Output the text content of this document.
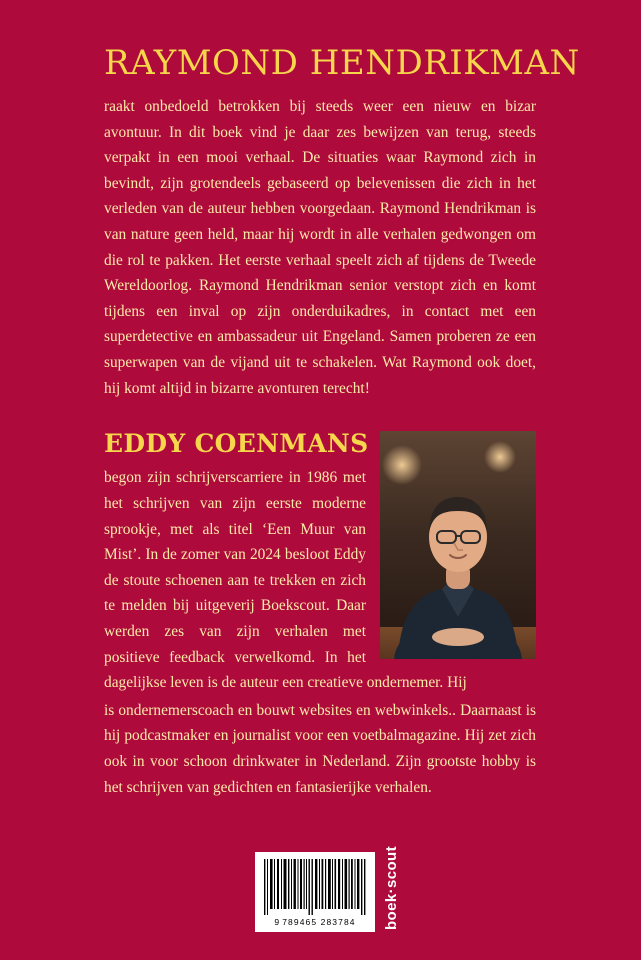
RAYMOND HENDRIKMAN

raakt onbedoeld betrokken bij steeds weer een nieuw en bizar avontuur. In dit boek vind je daar zes bewijzen van terug, steeds verpakt in een mooi verhaal. De situaties waar Raymond zich in bevindt, zijn grotendeels gebaseerd op belevenissen die zich in het verleden van de auteur hebben voorgedaan. Raymond Hendrikman is van nature geen held, maar hij wordt in alle verhalen gedwongen om die rol te pakken. Het eerste verhaal speelt zich af tijdens de Tweede Wereldoorlog. Raymond Hendrikman senior verstopt zich en komt tijdens een inval op zijn onderduikadres, in contact met een superdetective en ambassadeur uit Engeland. Samen proberen ze een superwapen van de vijand uit te schakelen. Wat Raymond ook doet, hij komt altijd in bizarre avonturen terecht!

EDDY COENMANS
begon zijn schrijverscarriere in 1986 met het schrijven van zijn eerste moderne sprookje, met als titel ‘Een Muur van Mist’. In de zomer van 2024 besloot Eddy de stoute schoenen aan te trekken en zich te melden bij uitgeverij Boekscout. Daar werden zes van zijn verhalen met positieve feedback verwelkomd. In het dagelijkse leven is de auteur een creatieve ondernemer. Hij
is ondernemerscoach en bouwt websites en webwinkels.. Daarnaast is hij podcastmaker en journalist voor een voetbalmagazine. Hij zet zich ook in voor schoon drinkwater in Nederland. Zijn grootste hobby is het schrijven van gedichten en fantasierijke verhalen.
9 789465 283784	boek·scout
